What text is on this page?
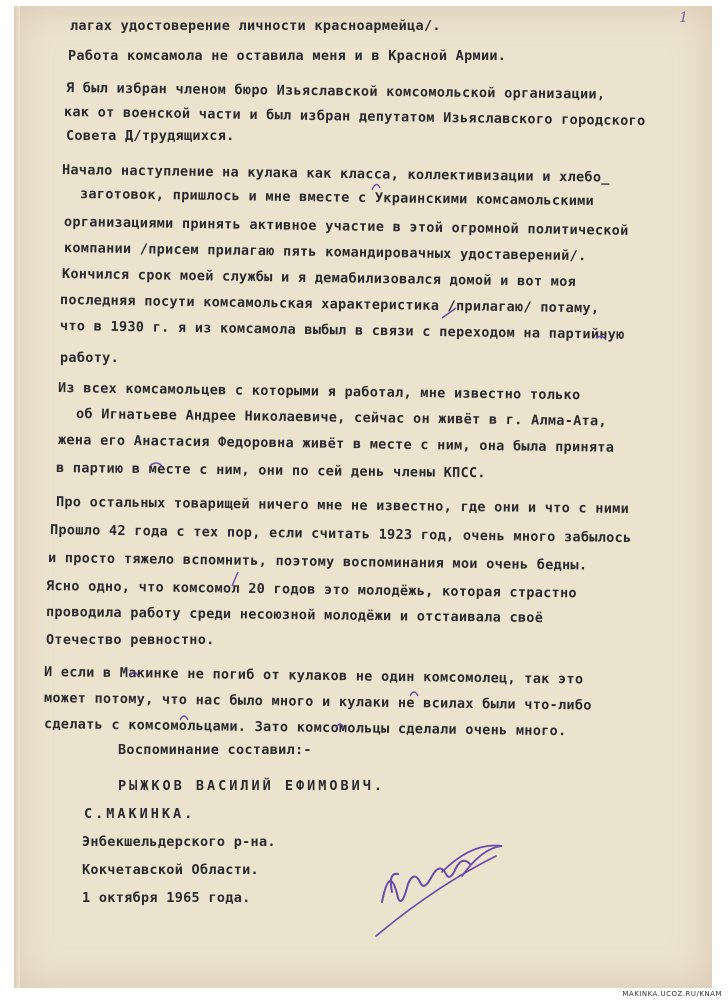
1

лагах удостоверение личности красноармейца/.

Работа комсамола не оставила меня и в Красной Армии.

Я был избран членом бюро Изьяславской комсомольской организации,

как от военской части и был избран депутатом Изьяславского городского

Совета Д/трудящихся.

Начало наступление на кулака как класса, коллективизации и хлебо_

заготовок, пришлось и мне вместе с Украинскими комсамольскими

организациями принять активное участие в этой огромной политической

компании /присем прилагаю пять командировачных удоставерений/.

Кончился срок моей службы и я демабилизовался домой и вот моя

последняя посути комсамольская характеристика /прилагаю/ потаму,

что в 1930 г. я из комсамола выбыл в связи с переходом на партийную

работу.

Из всех комсамольцев с которыми я работал, мне известно только

об Игнатьеве Андрее Николаевиче, сейчас он живёт в г. Алма-Ата,

жена его Анастасия Федоровна живёт в месте с ним, она была принята

в партию в месте с ним, они по сей день члены КПСС.

Про остальных товарищей ничего мне не известно, где они и что с ними

Прошло 42 года с тех пор, если считать 1923 год, очень много забылось

и просто тяжело вспомнить, поэтому воспоминания мои очень бедны.

Ясно одно, что комсомол 20 годов это молодёжь, которая страстно

проводила работу среди несоюзной молодёжи и отстаивала своё

Отечество ревностно.

И если в Макинке не погиб от кулаков не один комсомолец, так это

может потому, что нас было много и кулаки не всилах были что-либо

сделать с комсомольцами. Зато комсомольцы сделали очень много.

Воспоминание составил:-

РЫЖКОВ ВАСИЛИЙ ЕФИМОВИЧ.

С.МАКИНКА.

Энбекшельдерского р-на.

Кокчетавской Области.

1 октября 1965 года.

MAKINKA.UCOZ.RU/KNAM
